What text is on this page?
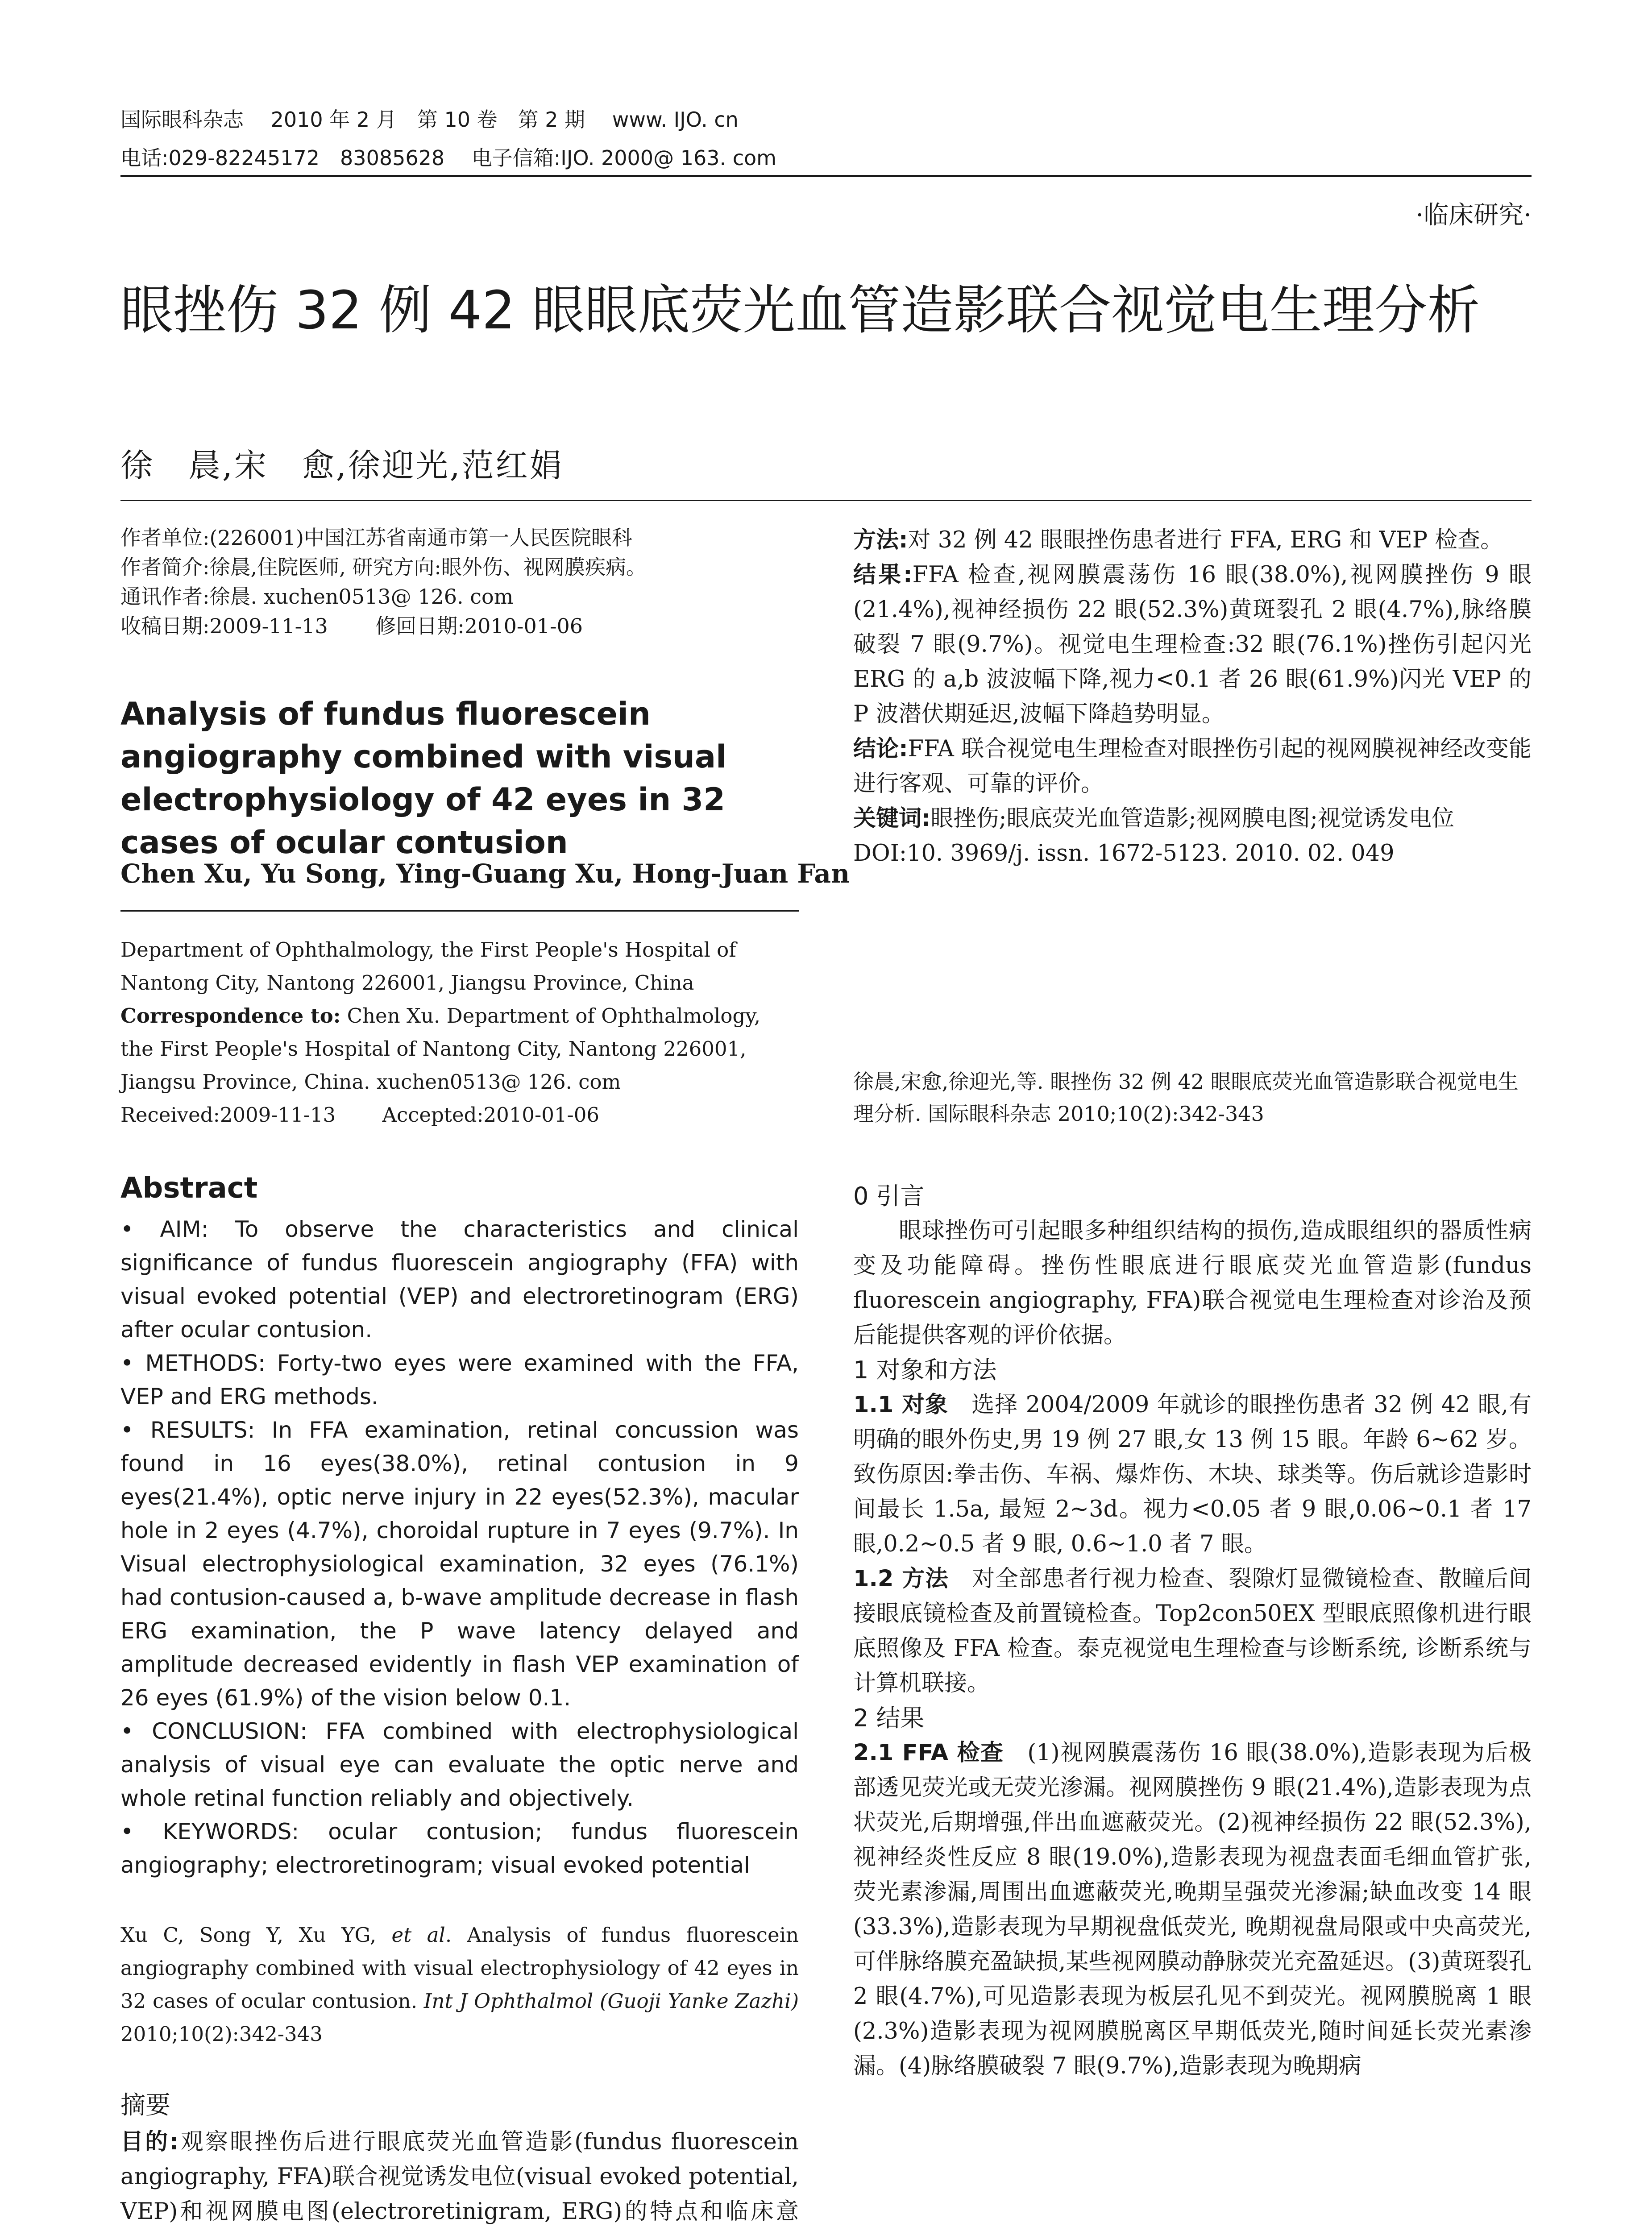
国际眼科杂志　 2010 年 2 月　第 10 卷　第 2 期　 www. IJO. cn
电话:029-82245172　83085628　 电子信箱:IJO. 2000@ 163. com
·临床研究·
眼挫伤 32 例 42 眼眼底荧光血管造影联合视觉电生理分析
徐　晨,宋　愈,徐迎光,范红娟

作者单位:(226001)中国江苏省南通市第一人民医院眼科

作者简介:徐晨,住院医师, 研究方向:眼外伤、视网膜疾病。

通讯作者:徐晨. xuchen0513@ 126. com

收稿日期:2009-11-13　　 修回日期:2010-01-06

Analysis of fundus fluorescein angiography combined with visual electrophysiology of 42 eyes in 32 cases of ocular contusion
Chen Xu, Yu Song, Ying-Guang Xu, Hong-Juan Fan

Department of Ophthalmology, the First People's Hospital of Nantong City, Nantong 226001, Jiangsu Province, China

Correspondence to: Chen Xu. Department of Ophthalmology, the First People's Hospital of Nantong City, Nantong 226001, Jiangsu Province, China. xuchen0513@ 126. com

Received:2009-11-13　　 Accepted:2010-01-06

Abstract

• AIM: To observe the characteristics and clinical significance of fundus fluorescein angiography (FFA) with visual evoked potential (VEP) and electroretinogram (ERG) after ocular contusion.

• METHODS: Forty-two eyes were examined with the FFA, VEP and ERG methods.

• RESULTS: In FFA examination, retinal concussion was found in 16 eyes(38.0%), retinal contusion in 9 eyes(21.4%), optic nerve injury in 22 eyes(52.3%), macular hole in 2 eyes (4.7%), choroidal rupture in 7 eyes (9.7%). In Visual electrophysiological examination, 32 eyes (76.1%) had contusion-caused a, b-wave amplitude decrease in flash ERG examination, the P wave latency delayed and amplitude decreased evidently in flash VEP examination of 26 eyes (61.9%) of the vision below 0.1.

• CONCLUSION: FFA combined with electrophysiological analysis of visual eye can evaluate the optic nerve and whole retinal function reliably and objectively.

• KEYWORDS: ocular contusion; fundus fluorescein angiography; electroretinogram; visual evoked potential

Xu C, Song Y, Xu YG, et al. Analysis of fundus fluorescein angiography combined with visual electrophysiology of 42 eyes in 32 cases of ocular contusion. Int J Ophthalmol (Guoji Yanke Zazhi) 2010;10(2):342-343

摘要

目的:观察眼挫伤后进行眼底荧光血管造影(fundus fluorescein angiography, FFA)联合视觉诱发电位(visual evoked potential, VEP)和视网膜电图(electroretinigram, ERG)的特点和临床意

方法:对 32 例 42 眼眼挫伤患者进行 FFA, ERG 和 VEP 检查。

结果:FFA 检查,视网膜震荡伤 16 眼(38.0%),视网膜挫伤 9 眼(21.4%),视神经损伤 22 眼(52.3%)黄斑裂孔 2 眼(4.7%),脉络膜破裂 7 眼(9.7%)。视觉电生理检查:32 眼(76.1%)挫伤引起闪光 ERG 的 a,b 波波幅下降,视力<0.1 者 26 眼(61.9%)闪光 VEP 的 P 波潜伏期延迟,波幅下降趋势明显。

结论:FFA 联合视觉电生理检查对眼挫伤引起的视网膜视神经改变能进行客观、可靠的评价。

关键词:眼挫伤;眼底荧光血管造影;视网膜电图;视觉诱发电位

DOI:10. 3969/j. issn. 1672-5123. 2010. 02. 049

徐晨,宋愈,徐迎光,等. 眼挫伤 32 例 42 眼眼底荧光血管造影联合视觉电生理分析. 国际眼科杂志 2010;10(2):342-343

0 引言

眼球挫伤可引起眼多种组织结构的损伤,造成眼组织的器质性病变及功能障碍。挫伤性眼底进行眼底荧光血管造影(fundus fluorescein angiography, FFA)联合视觉电生理检查对诊治及预后能提供客观的评价依据。

1 对象和方法

1.1 对象　选择 2004/2009 年就诊的眼挫伤患者 32 例 42 眼,有明确的眼外伤史,男 19 例 27 眼,女 13 例 15 眼。年龄 6~62 岁。致伤原因:拳击伤、车祸、爆炸伤、木块、球类等。伤后就诊造影时间最长 1.5a, 最短 2~3d。视力<0.05 者 9 眼,0.06~0.1 者 17 眼,0.2~0.5 者 9 眼, 0.6~1.0 者 7 眼。

1.2 方法　对全部患者行视力检查、裂隙灯显微镜检查、散瞳后间接眼底镜检查及前置镜检查。Top2con50EX 型眼底照像机进行眼底照像及 FFA 检查。泰克视觉电生理检查与诊断系统, 诊断系统与计算机联接。

2 结果

2.1 FFA 检查　(1)视网膜震荡伤 16 眼(38.0%),造影表现为后极部透见荧光或无荧光渗漏。视网膜挫伤 9 眼(21.4%),造影表现为点状荧光,后期增强,伴出血遮蔽荧光。(2)视神经损伤 22 眼(52.3%),视神经炎性反应 8 眼(19.0%),造影表现为视盘表面毛细血管扩张,荧光素渗漏,周围出血遮蔽荧光,晚期呈强荧光渗漏;缺血改变 14 眼(33.3%),造影表现为早期视盘低荧光, 晚期视盘局限或中央高荧光,可伴脉络膜充盈缺损,某些视网膜动静脉荧光充盈延迟。(3)黄斑裂孔 2 眼(4.7%),可见造影表现为板层孔见不到荧光。视网膜脱离 1 眼(2.3%)造影表现为视网膜脱离区早期低荧光,随时间延长荧光素渗漏。(4)脉络膜破裂 7 眼(9.7%),造影表现为晚期病
